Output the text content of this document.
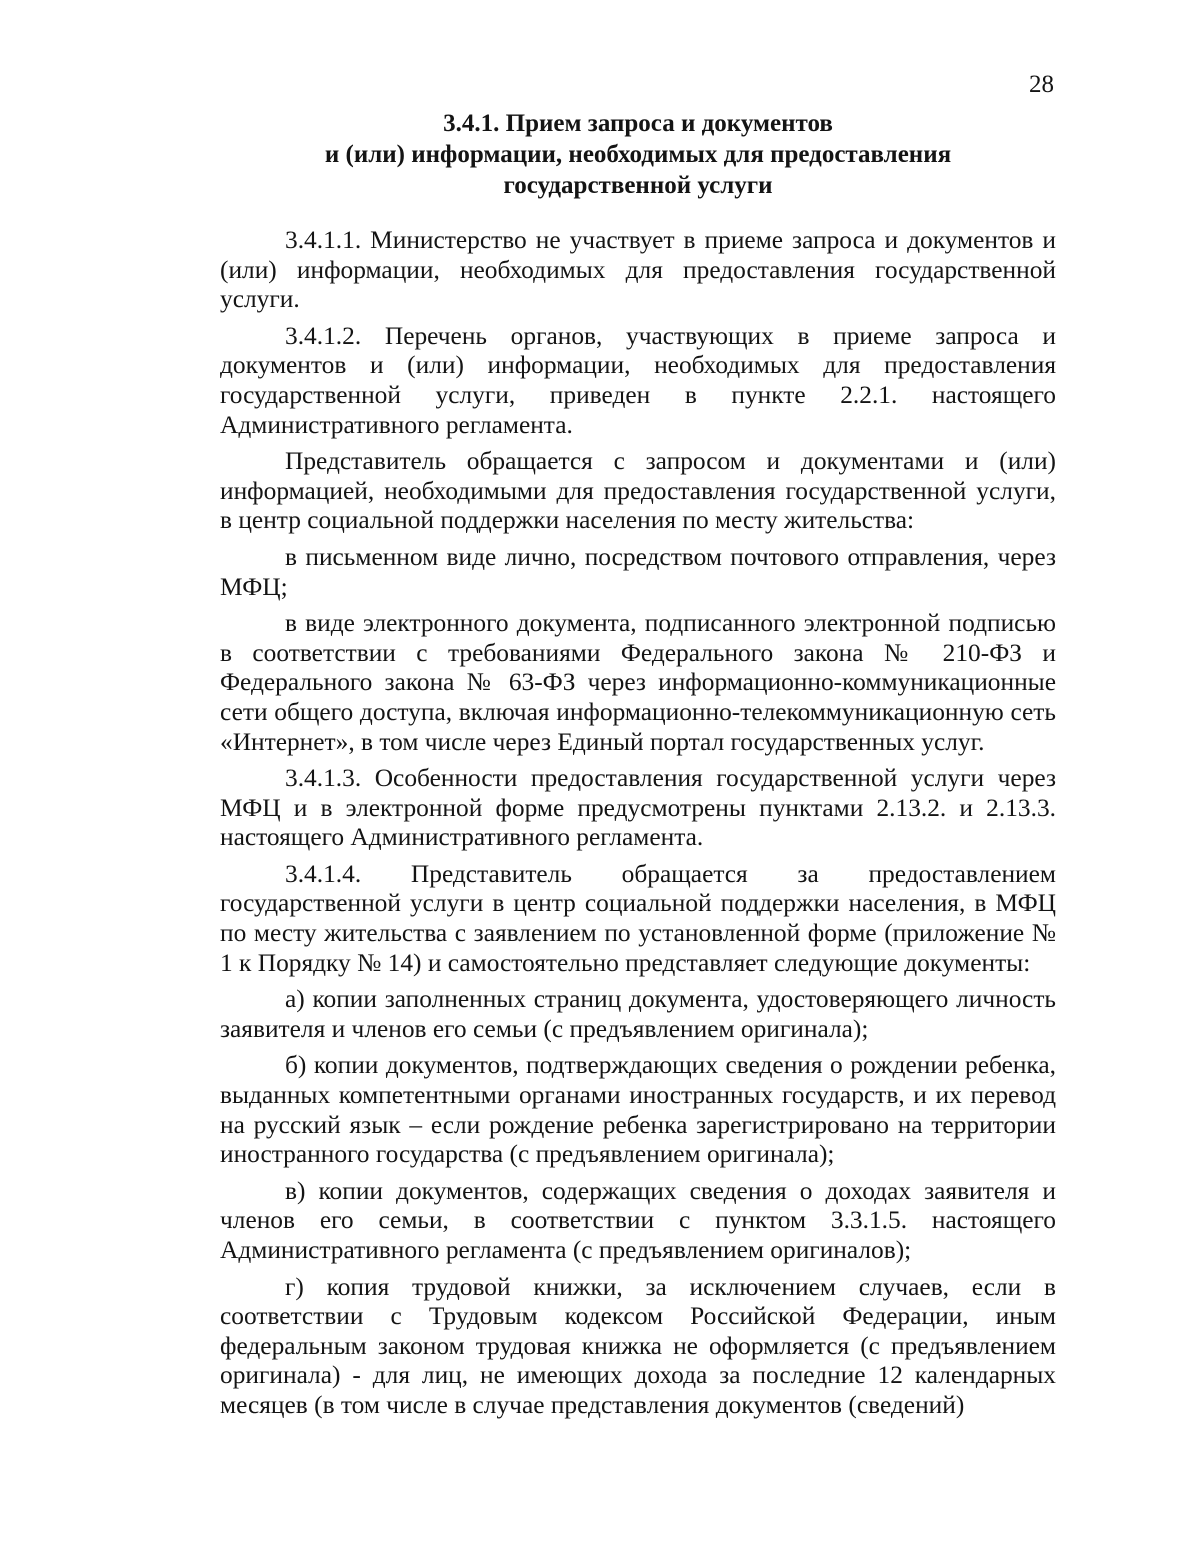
28
3.4.1. Прием запроса и документов
и (или) информации, необходимых для предоставления
государственной услуги

3.4.1.1. Министерство не участвует в приеме запроса и документов и (или) информации, необходимых для предоставления государственной услуги.

3.4.1.2. Перечень органов, участвующих в приеме запроса и документов и (или) информации, необходимых для предоставления государственной услуги, приведен в пункте 2.2.1. настоящего Административного регламента.

Представитель обращается с запросом и документами и (или) информацией, необходимыми для предоставления государственной услуги, в центр социальной поддержки населения по месту жительства:

в письменном виде лично, посредством почтового отправления, через МФЦ;

в виде электронного документа, подписанного электронной подписью в соответствии с требованиями Федерального закона № 210-ФЗ и Федерального закона № 63-ФЗ через информационно-коммуникационные сети общего доступа, включая информационно-телекоммуникационную сеть «Интернет», в том числе через Единый портал государственных услуг.

3.4.1.3. Особенности предоставления государственной услуги через МФЦ и в электронной форме предусмотрены пунктами 2.13.2. и 2.13.3. настоящего Административного регламента.

3.4.1.4. Представитель обращается за предоставлением государственной услуги в центр социальной поддержки населения, в МФЦ по месту жительства с заявлением по установленной форме (приложение № 1 к Порядку № 14) и самостоятельно представляет следующие документы:

а) копии заполненных страниц документа, удостоверяющего личность заявителя и членов его семьи (с предъявлением оригинала);

б) копии документов, подтверждающих сведения о рождении ребенка, выданных компетентными органами иностранных государств, и их перевод на русский язык – если рождение ребенка зарегистрировано на территории иностранного государства (с предъявлением оригинала);

в) копии документов, содержащих сведения о доходах заявителя и членов его семьи, в соответствии с пунктом 3.3.1.5. настоящего Административного регламента (с предъявлением оригиналов);

г) копия трудовой книжки, за исключением случаев, если в соответствии с Трудовым кодексом Российской Федерации, иным федеральным законом трудовая книжка не оформляется (с предъявлением оригинала) - для лиц, не имеющих дохода за последние 12 календарных месяцев (в том числе в случае представления документов (сведений)
